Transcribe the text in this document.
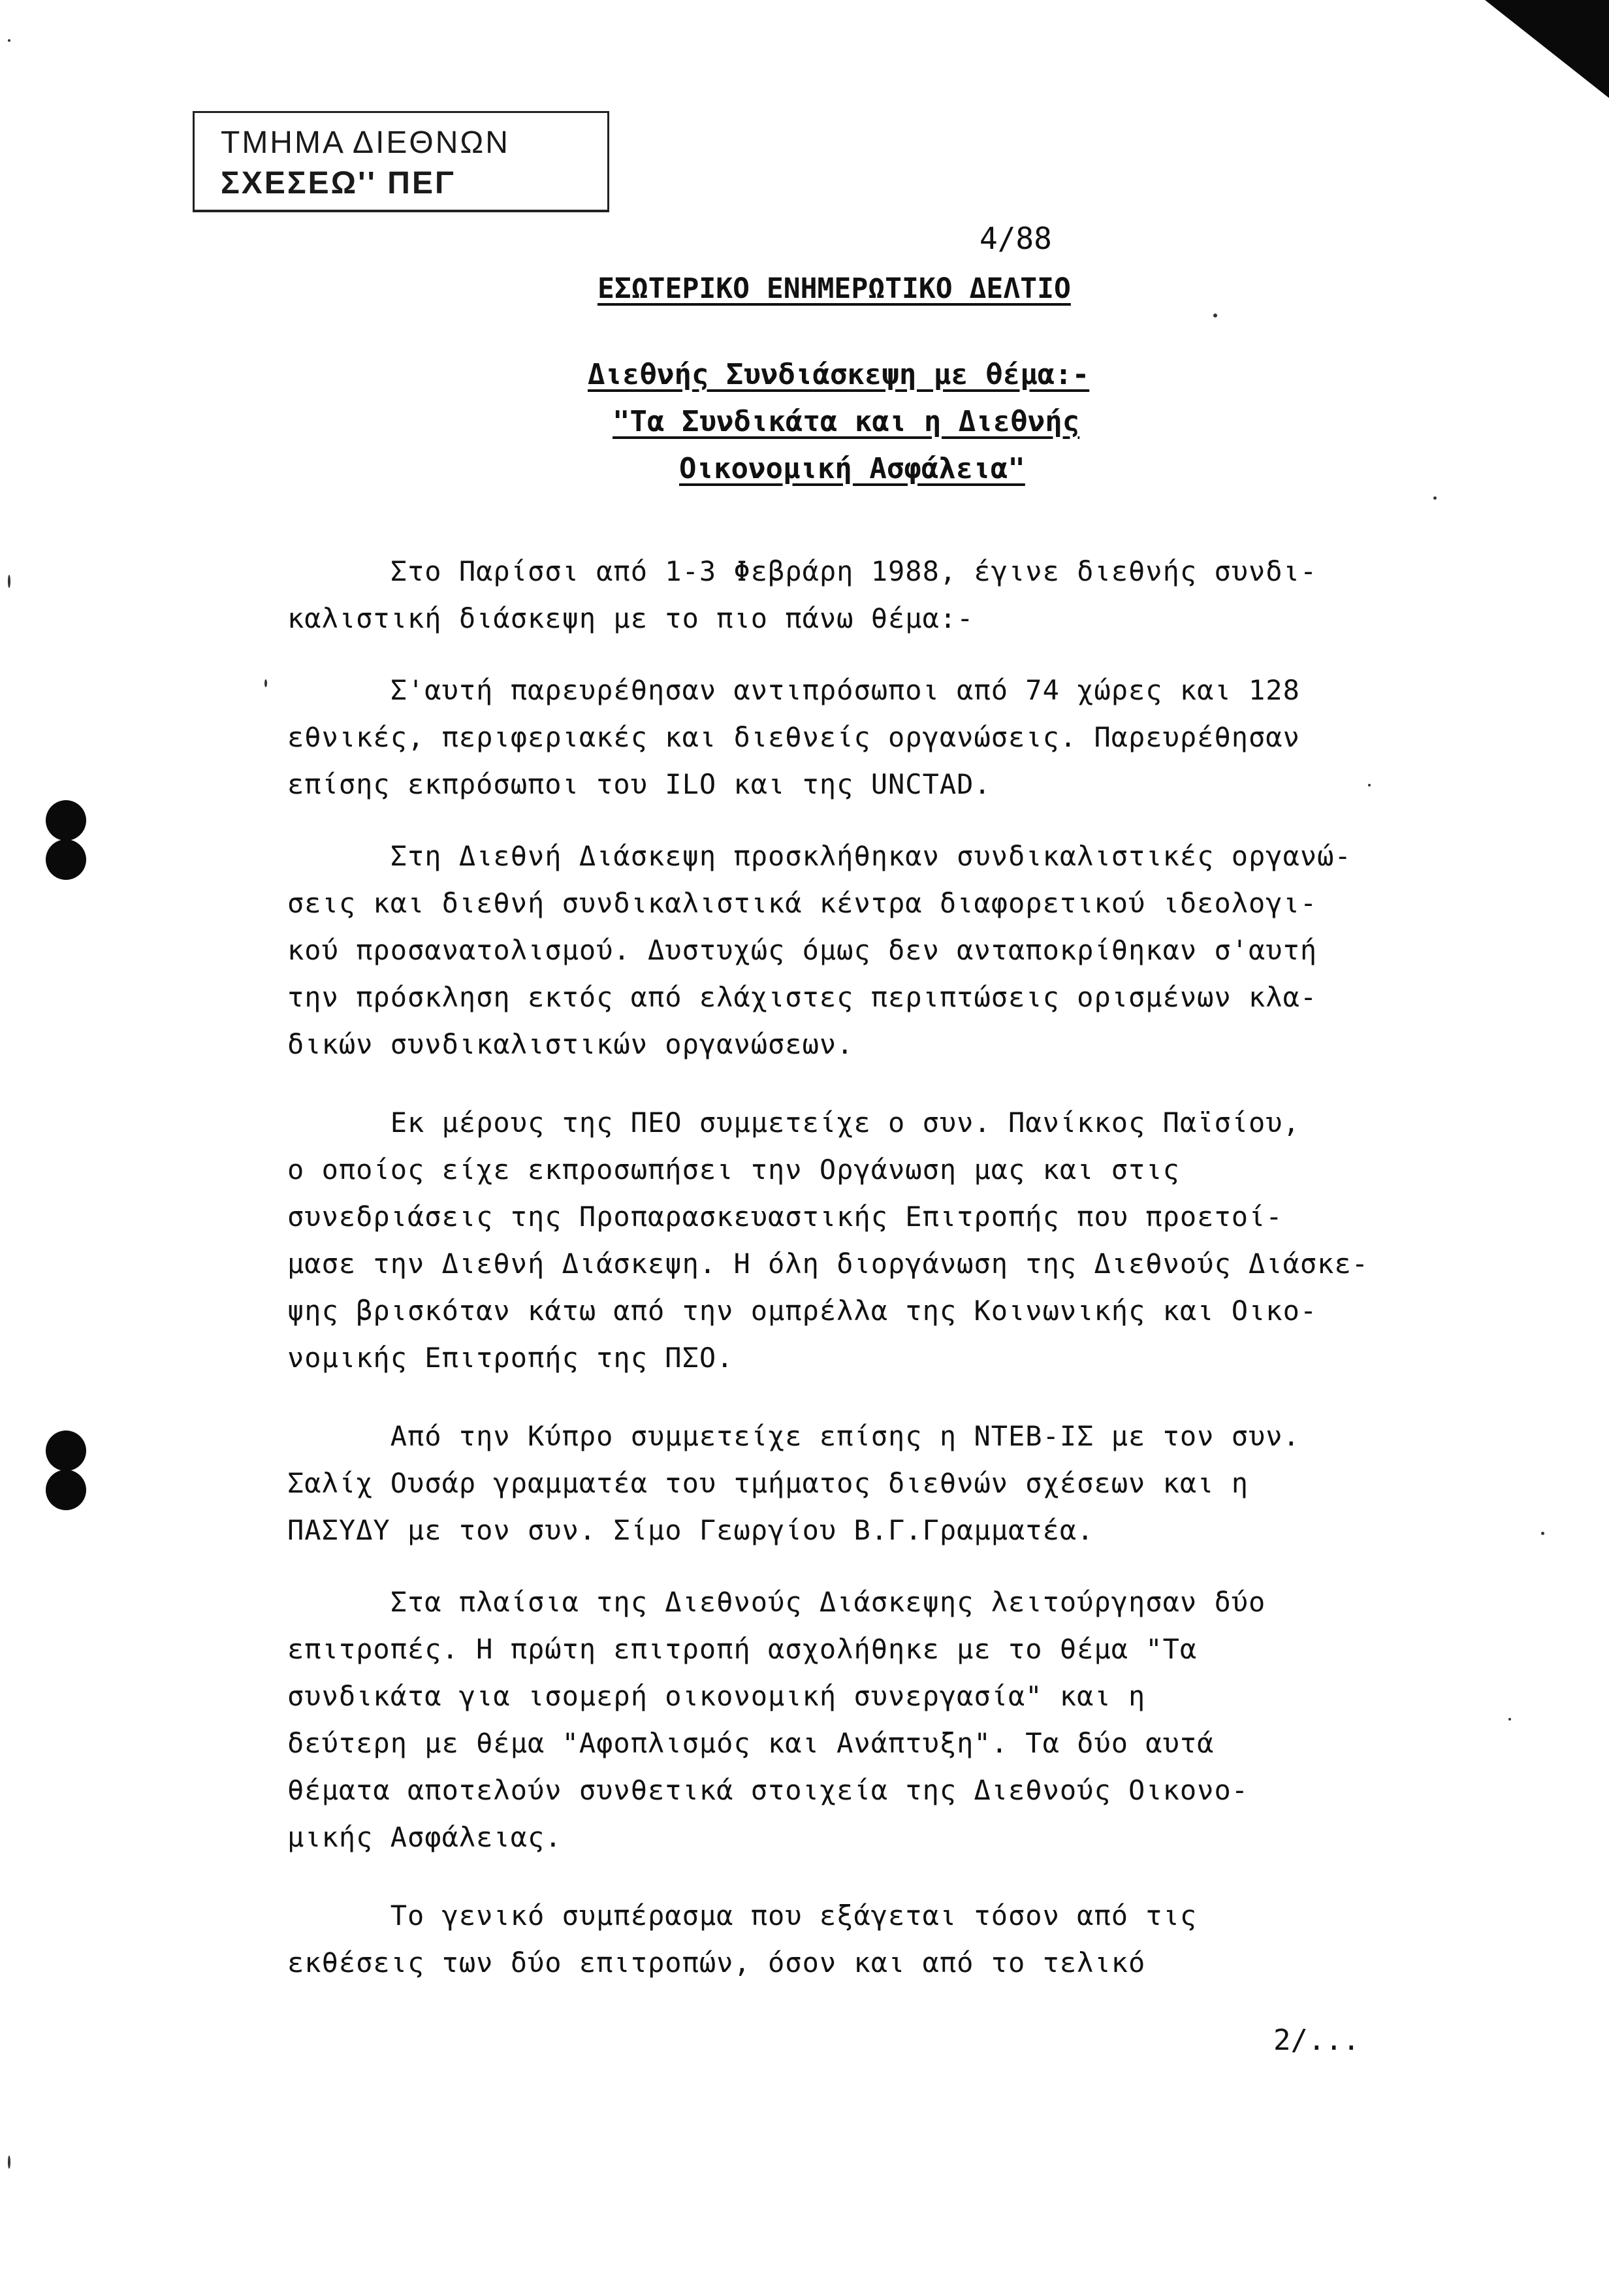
ΤΜΗΜΑ ΔΙΕΘΝΩΝ
ΣΧΕΣΕΩ'' ΠΕΓ
4/88
ΕΣΩΤΕΡΙΚΟ ΕΝΗΜΕΡΩΤΙΚΟ ΔΕΛΤΙΟ
Διεθνής Συνδιάσκεψη με θέμα:-
"Τα Συνδικάτα και η Διεθνής
Οικονομική Ασφάλεια"
Στο Παρίσσι από 1-3 Φεβράρη 1988, έγινε διεθνής συνδι-
καλιστική διάσκεψη με το πιο πάνω θέμα:-
Σ'αυτή παρευρέθησαν αντιπρόσωποι από 74 χώρες και 128
εθνικές, περιφεριακές και διεθνείς οργανώσεις. Παρευρέθησαν
επίσης εκπρόσωποι του ILO και της UNCTAD.
Στη Διεθνή Διάσκεψη προσκλήθηκαν συνδικαλιστικές οργανώ-
σεις και διεθνή συνδικαλιστικά κέντρα διαφορετικού ιδεολογι-
κού προσανατολισμού. Δυστυχώς όμως δεν ανταποκρίθηκαν σ'αυτή
την πρόσκληση εκτός από ελάχιστες περιπτώσεις ορισμένων κλα-
δικών συνδικαλιστικών οργανώσεων.
Εκ μέρους της ΠΕΟ συμμετείχε ο συν. Πανίκκος Παϊσίου,
ο οποίος είχε εκπροσωπήσει την Οργάνωση μας και στις
συνεδριάσεις της Προπαρασκευαστικής Επιτροπής που προετοί-
μασε την Διεθνή Διάσκεψη. Η όλη διοργάνωση της Διεθνούς Διάσκε-
ψης βρισκόταν κάτω από την ομπρέλλα της Κοινωνικής και Οικο-
νομικής Επιτροπής της ΠΣΟ.
Από την Κύπρο συμμετείχε επίσης η ΝΤΕΒ-ΙΣ με τον συν.
Σαλίχ Ουσάρ γραμματέα του τμήματος διεθνών σχέσεων και η
ΠΑΣΥΔΥ με τον συν. Σίμο Γεωργίου Β.Γ.Γραμματέα.
Στα πλαίσια της Διεθνούς Διάσκεψης λειτούργησαν δύο
επιτροπές. Η πρώτη επιτροπή ασχολήθηκε με το θέμα "Τα
συνδικάτα για ισομερή οικονομική συνεργασία" και η
δεύτερη με θέμα "Αφοπλισμός και Ανάπτυξη". Τα δύο αυτά
θέματα αποτελούν συνθετικά στοιχεία της Διεθνούς Οικονο-
μικής Ασφάλειας.
Το γενικό συμπέρασμα που εξάγεται τόσον από τις
εκθέσεις των δύο επιτροπών, όσον και από το τελικό
2/...
